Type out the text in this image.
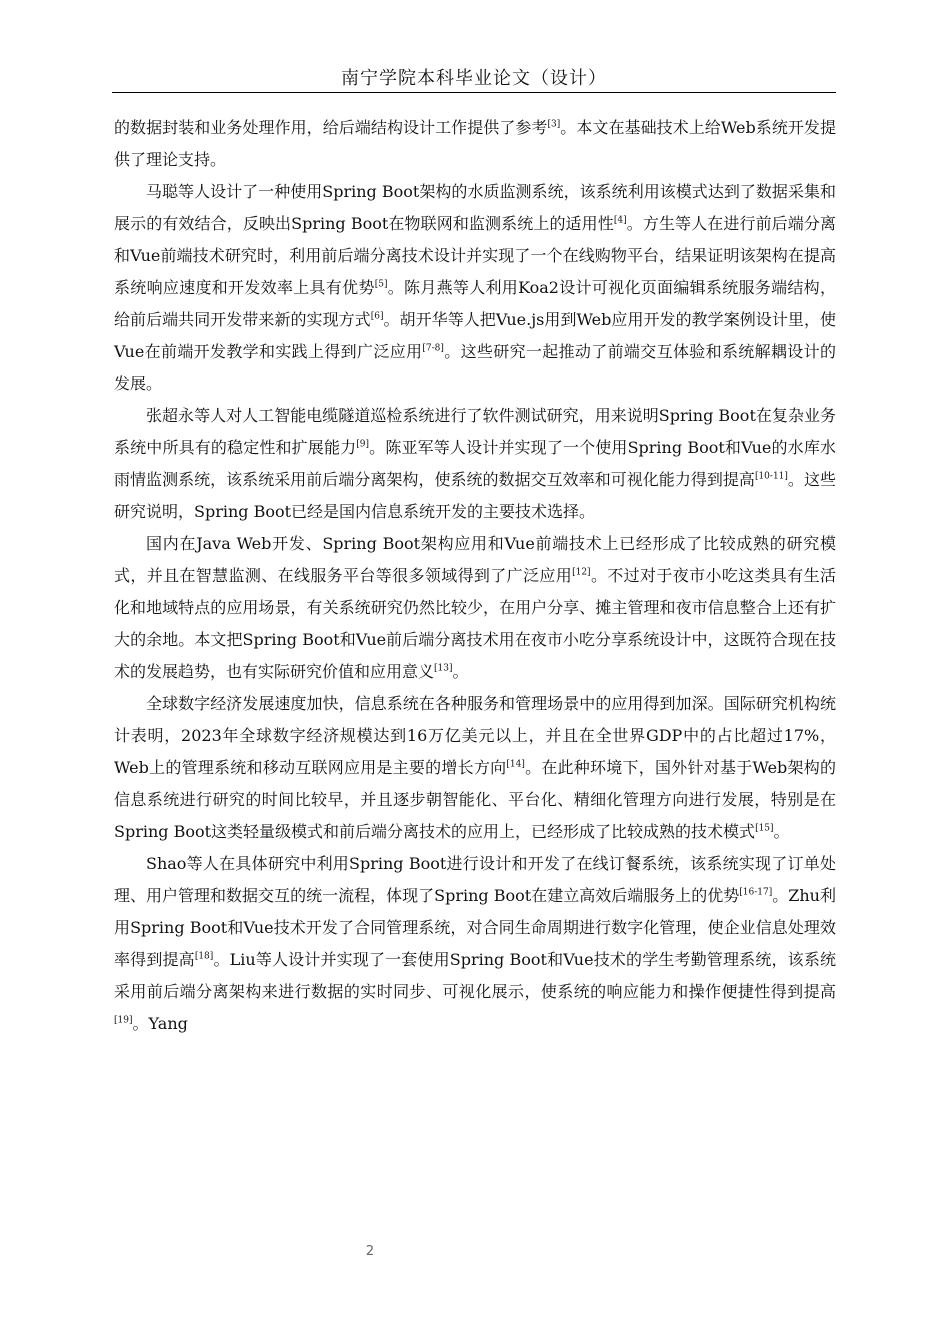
南宁学院本科毕业论文（设计）

的数据封装和业务处理作用，给后端结构设计工作提供了参考[3]。本文在基础技术上给Web系统开发提供了理论支持。

马聪等人设计了一种使用Spring Boot架构的水质监测系统，该系统利用该模式达到了数据采集和展示的有效结合，反映出Spring Boot在物联网和监测系统上的适用性[4]。方生等人在进行前后端分离和Vue前端技术研究时，利用前后端分离技术设计并实现了一个在线购物平台，结果证明该架构在提高系统响应速度和开发效率上具有优势[5]。陈月燕等人利用Koa2设计可视化页面编辑系统服务端结构，给前后端共同开发带来新的实现方式[6]。胡开华等人把Vue.js用到Web应用开发的教学案例设计里，使Vue在前端开发教学和实践上得到广泛应用[7-8]。这些研究一起推动了前端交互体验和系统解耦设计的发展。

张超永等人对人工智能电缆隧道巡检系统进行了软件测试研究，用来说明Spring Boot在复杂业务系统中所具有的稳定性和扩展能力[9]。陈亚军等人设计并实现了一个使用Spring Boot和Vue的水库水雨情监测系统，该系统采用前后端分离架构，使系统的数据交互效率和可视化能力得到提高[10-11]。这些研究说明，Spring Boot已经是国内信息系统开发的主要技术选择。

国内在Java Web开发、Spring Boot架构应用和Vue前端技术上已经形成了比较成熟的研究模式，并且在智慧监测、在线服务平台等很多领域得到了广泛应用[12]。不过对于夜市小吃这类具有生活化和地域特点的应用场景，有关系统研究仍然比较少，在用户分享、摊主管理和夜市信息整合上还有扩大的余地。本文把Spring Boot和Vue前后端分离技术用在夜市小吃分享系统设计中，这既符合现在技术的发展趋势，也有实际研究价值和应用意义[13]。

全球数字经济发展速度加快，信息系统在各种服务和管理场景中的应用得到加深。国际研究机构统计表明，2023年全球数字经济规模达到16万亿美元以上，并且在全世界GDP中的占比超过17%，Web上的管理系统和移动互联网应用是主要的增长方向[14]。在此种环境下，国外针对基于Web架构的信息系统进行研究的时间比较早，并且逐步朝智能化、平台化、精细化管理方向进行发展，特别是在Spring Boot这类轻量级模式和前后端分离技术的应用上，已经形成了比较成熟的技术模式[15]。

Shao等人在具体研究中利用Spring Boot进行设计和开发了在线订餐系统，该系统实现了订单处理、用户管理和数据交互的统一流程，体现了Spring Boot在建立高效后端服务上的优势[16-17]。Zhu利用Spring Boot和Vue技术开发了合同管理系统，对合同生命周期进行数字化管理，使企业信息处理效率得到提高[18]。Liu等人设计并实现了一套使用Spring Boot和Vue技术的学生考勤管理系统，该系统采用前后端分离架构来进行数据的实时同步、可视化展示，使系统的响应能力和操作便捷性得到提高[19]。Yang

2
